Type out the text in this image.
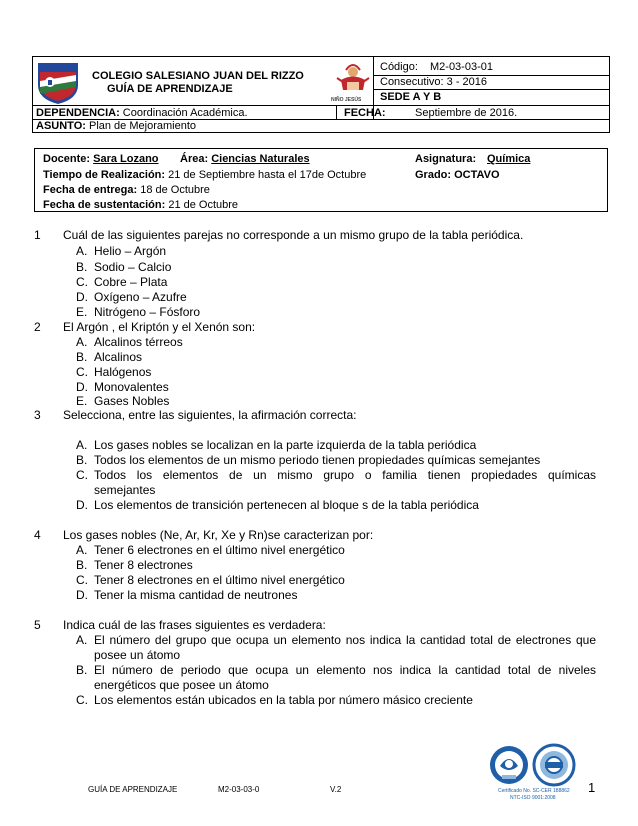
COLEGIO SALESIANO JUAN DEL RIZZO
GUÍA DE APRENDIZAJE
NIÑO JESÚS
Código: M2-03-03-01
Consecutivo: 3 - 2016
SEDE A Y B
DEPENDENCIA: Coordinación Académica.	FECHA:	Septiembre de 2016.
ASUNTO: Plan de Mejoramiento
Docente: Sara Lozano Área: Ciencias Naturales	Asignatura: Química
Tiempo de Realización: 21 de Septiembre hasta el 17de Octubre	Grado: OCTAVO
Fecha de entrega: 18 de Octubre
Fecha de sustentación: 21 de Octubre
1 Cuál de las siguientes parejas no corresponde a un mismo grupo de la tabla periódica.
A. Helio – Argón
B. Sodio – Calcio
C. Cobre – Plata
D. Oxígeno – Azufre
E. Nitrógeno – Fósforo
2 El Argón , el Kriptón y el Xenón son:
A. Alcalinos térreos
B. Alcalinos
C. Halógenos
D. Monovalentes
E. Gases Nobles
3 Selecciona, entre las siguientes, la afirmación correcta:
A. Los gases nobles se localizan en la parte izquierda de la tabla periódica
B. Todos los elementos de un mismo periodo tienen propiedades químicas semejantes
C. Todos los elementos de un mismo grupo o familia tienen propiedades químicas
semejantes
D. Los elementos de transición pertenecen al bloque s de la tabla periódica
4 Los gases nobles (Ne, Ar, Kr, Xe y Rn)se caracterizan por:
A. Tener 6 electrones en el último nivel energético
B. Tener 8 electrones
C. Tener 8 electrones en el último nivel energético
D. Tener la misma cantidad de neutrones
5 Indica cuál de las frases siguientes es verdadera:
A. El número del grupo que ocupa un elemento nos indica la cantidad total de electrones que
posee un átomo
B. El número de periodo que ocupa un elemento nos indica la cantidad total de niveles
energéticos que posee un átomo
C. Los elementos están ubicados en la tabla por número másico creciente
Certificado No. SC-CER 188862
NTC-ISO 9001:2008
GUÍA DE APRENDIZAJE	M2-03-03-0	V.2	1
